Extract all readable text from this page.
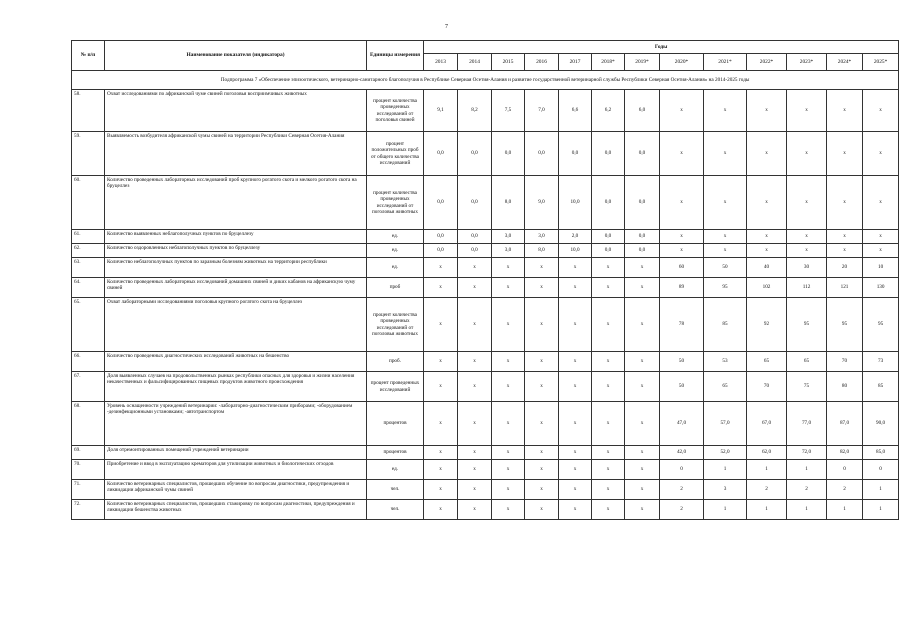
7
№ п/п	Наименование показателя (индикатора)	Единицы измерения	Годы												
			2013	2014	2015	2016	2017	2018*	2019*	2020*	2021*	2022*	2023*	2024*	2025*
Подпрограмма 7 «Обеспечение эпизоотического, ветеринарно-санитарного благополучия в Республике Северная Осетия-Алания и развитие государственной ветеринарной службы Республики Северная Осетия-Алания» на 2014-2025 годы															
58.	Охват исследованиями по африканской чуме свиней поголовья восприимчивых животных	процент количества проведенных исследований от поголовья свиней	9,1	8,2	7,5	7,0	6,6	6,2	6,0	x	x	x	x	x	x
59.	Выявляемость возбудителя африканской чумы свиней на территории Республики Северная Осетия-Алания	процент положительных проб от общего количества исследований	0,0	0,0	0,0	0,0	0,0	0,0	0,0	x	x	x	x	x	x
60.	Количество проведенных лабораторных исследований проб крупного рогатого скота и мелкого рогатого скота на бруцеллез	процент количества проведенных исследований от поголовья животных	0,0	0,0	8,0	9,0	10,0	0,0	0,0	x	x	x	x	x	x
61.	Количество выявленных неблагополучных пунктов по бруцеллезу	ед.	0,0	0,0	3,0	3,0	2,0	0,0	0,0	x	x	x	x	x	x
62.	Количество оздоровленных неблагополучных пунктов по бруцеллезу	ед.	0,0	0,0	3,0	8,0	10,0	0,0	0,0	x	x	x	x	x	x
63.	Количество неблагополучных пунктов по заразным болезням животных на территории республики	ед.	x	x	x	x	x	x	x	60	50	40	30	20	10
64.	Количество проведенных лабораторных исследований домашних свиней и диких кабанов на африканскую чуму свиней	проб	x	x	x	x	x	x	x	89	95	102	112	121	130
65.	Охват лабораторными исследованиями поголовья крупного рогатого скота на бруцеллез	процент количества проведенных исследований от поголовья животных	x	x	x	x	x	x	x	78	85	92	95	95	95
66.	Количество проведенных диагностических исследований животных на бешенство	проб.	x	x	x	x	x	x	x	50	53	65	65	70	73
67.	Доля выявленных случаев на продовольственных рынках республики опасных для здоровья и жизни населения некачественных и фальсифицированных пищевых продуктов животного происхождения	процент проведенных исследований	x	x	x	x	x	x	x	50	65	70	75	80	85
68.	Уровень оснащенности учреждений ветеринарии: -лабораторно-диагностическим приборами; -оборудованием -дезинфекционными установками; -автотранспортом	процентов	x	x	x	x	x	x	x	47,0	57,0	67,0	77,0	87,0	90,0
69.	Доля отремонтированных помещений учреждений ветеринарии	процентов	x	x	x	x	x	x	x	42,0	52,0	62,0	72,0	82,0	85,0
70.	Приобретение и ввод в эксплуатацию крематоров для утилизации животных и биологических отходов	ед.	x	x	x	x	x	x	x	0	1	1	1	0	0
71.	Количество ветеринарных специалистов, прошедших обучение по вопросам диагностики, предупреждения и ликвидации африканской чумы свиней	чел.	x	x	x	x	x	x	x	2	3	2	2	2	1
72.	Количество ветеринарных специалистов, прошедших стажировку по вопросам диагностики, предупреждения и ликвидации бешенства животных	чел.	x	x	x	x	x	x	x	2	1	1	1	1	1
